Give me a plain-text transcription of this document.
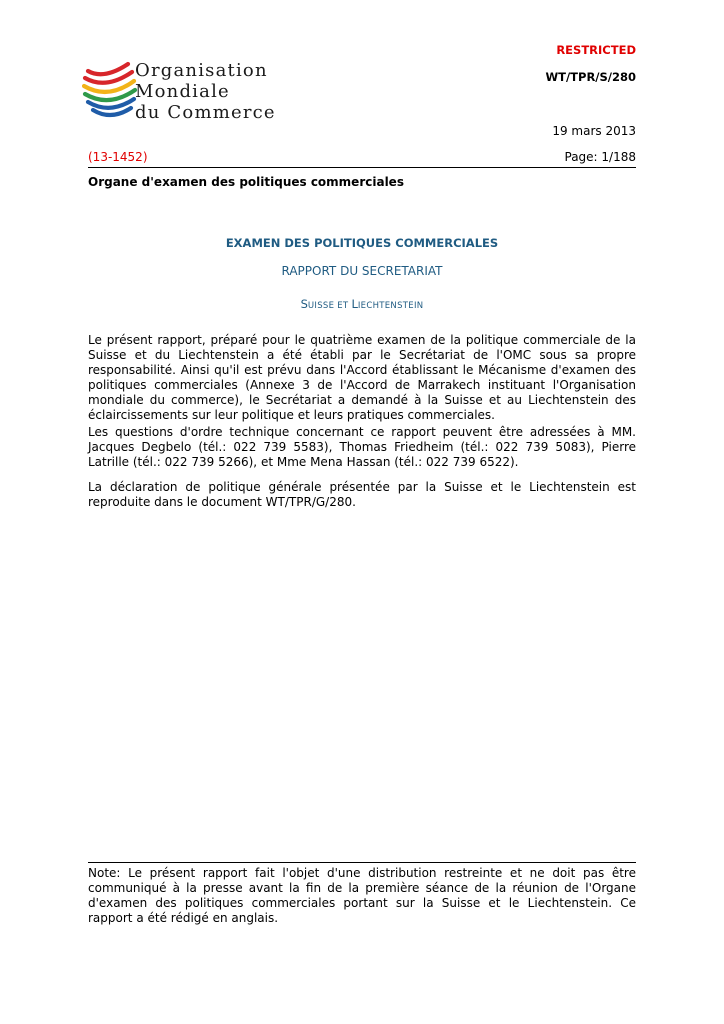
Organisation
Mondiale
du Commerce
RESTRICTED
WT/TPR/S/280
19 mars 2013
(13-1452)	Page: 1/188
Organe d'examen des politiques commerciales
EXAMEN DES POLITIQUES COMMERCIALES
RAPPORT DU SECRETARIAT
SUISSE ET LIECHTENSTEIN

Le présent rapport, préparé pour le quatrième examen de la politique commerciale de la Suisse et du Liechtenstein a été établi par le Secrétariat de l'OMC sous sa propre responsabilité. Ainsi qu'il est prévu dans l'Accord établissant le Mécanisme d'examen des politiques commerciales (Annexe 3 de l'Accord de Marrakech instituant l'Organisation mondiale du commerce), le Secrétariat a demandé à la Suisse et au Liechtenstein des éclaircissements sur leur politique et leurs pratiques commerciales.

Les questions d'ordre technique concernant ce rapport peuvent être adressées à MM. Jacques Degbelo (tél.: 022 739 5583), Thomas Friedheim (tél.: 022 739 5083), Pierre Latrille (tél.: 022 739 5266), et Mme Mena Hassan (tél.: 022 739 6522).

La déclaration de politique générale présentée par la Suisse et le Liechtenstein est reproduite dans le document WT/TPR/G/280.

Note: Le présent rapport fait l'objet d'une distribution restreinte et ne doit pas être communiqué à la presse avant la fin de la première séance de la réunion de l'Organe d'examen des politiques commerciales portant sur la Suisse et le Liechtenstein. Ce rapport a été rédigé en anglais.
